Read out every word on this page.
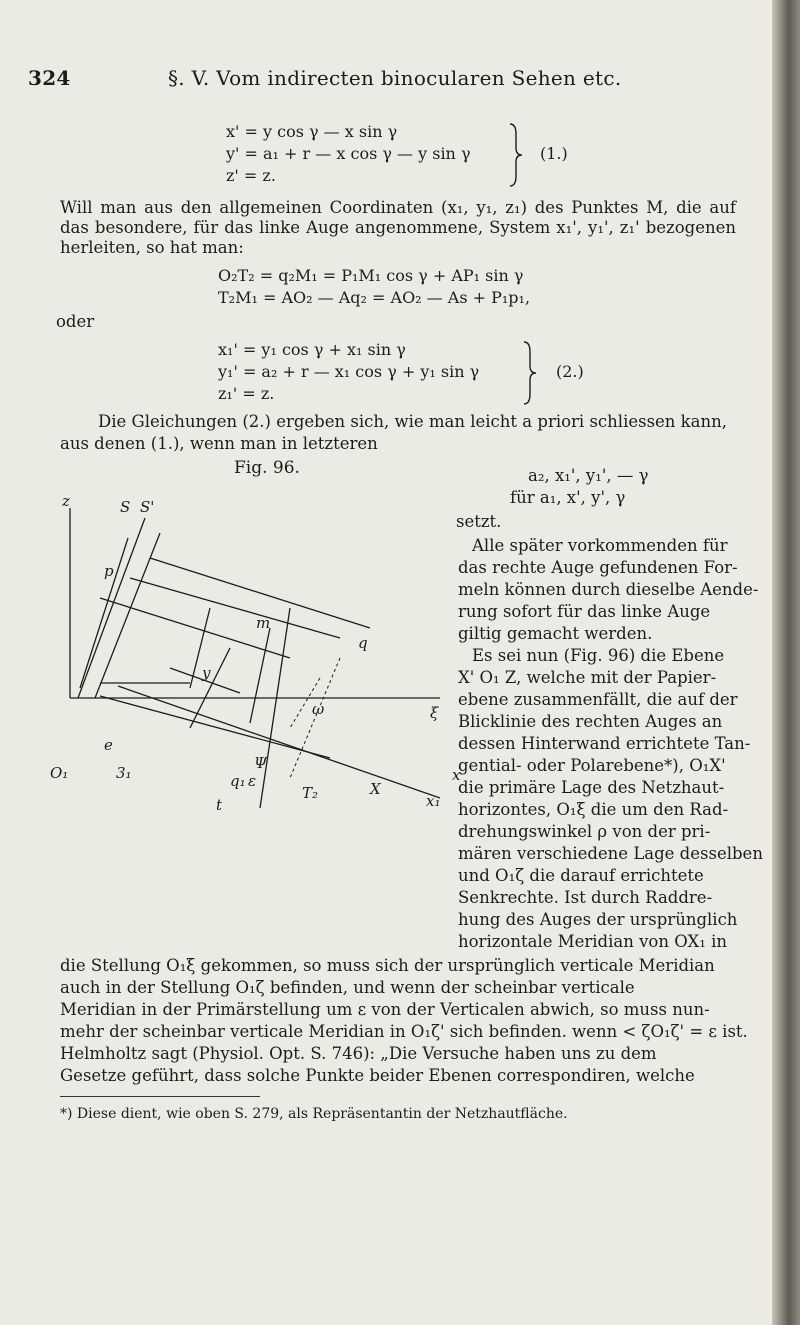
324	§. V. Vom indirecten binocularen Sehen etc.
x' = y cos γ — x sin γ
y' = a₁ + r — x cos γ — y sin γ
z' = z.
(1.)
Will man aus den allgemeinen Coordinaten (x₁, y₁, z₁) des Punktes M, die auf das besondere, für das linke Auge angenommene, System x₁', y₁', z₁' bezogenen herleiten, so hat man:
O₂T₂ = q₂M₁ = P₁M₁ cos γ + AP₁ sin γ
T₂M₁ = AO₂ — Aq₂ = AO₂ — As + P₁p₁,
oder
x₁' = y₁ cos γ + x₁ sin γ
y₁' = a₂ + r — x₁ cos γ + y₁ sin γ
z₁' = z.
(2.)
Die Gleichungen (2.) ergeben sich, wie man leicht a priori schliessen kann,
aus denen (1.), wenn man in letzteren
Fig. 96.
z	S S'
p
m
q
y
e
ω
x
x₁
T₂
t
ξ
X
O₁
Ψ
ε
q₁
3₁
a₂, x₁', y₁', — γ
für a₁, x', y', γ
setzt.
Alle später vorkommenden für
das rechte Auge gefundenen For-
meln können durch dieselbe Aende-
rung sofort für das linke Auge
giltig gemacht werden.
Es sei nun (Fig. 96) die Ebene
X' O₁ Z, welche mit der Papier-
ebene zusammenfällt, die auf der
Blicklinie des rechten Auges an
dessen Hinterwand errichtete Tan-
gential- oder Polarebene*), O₁X'
die primäre Lage des Netzhaut-
horizontes, O₁ξ die um den Rad-
drehungswinkel ρ von der pri-
mären verschiedene Lage desselben
und O₁ζ die darauf errichtete
Senkrechte. Ist durch Raddre-
hung des Auges der ursprünglich
horizontale Meridian von OX₁ in
die Stellung O₁ξ gekommen, so muss sich der ursprünglich verticale Meridian
auch in der Stellung O₁ζ befinden, und wenn der scheinbar verticale
Meridian in der Primärstellung um ε von der Verticalen abwich, so muss nun-
mehr der scheinbar verticale Meridian in O₁ζ' sich befinden. wenn < ζO₁ζ' = ε ist.
Helmholtz sagt (Physiol. Opt. S. 746): „Die Versuche haben uns zu dem
Gesetze geführt, dass solche Punkte beider Ebenen correspondiren, welche
*) Diese dient, wie oben S. 279, als Repräsentantin der Netzhautfläche.
